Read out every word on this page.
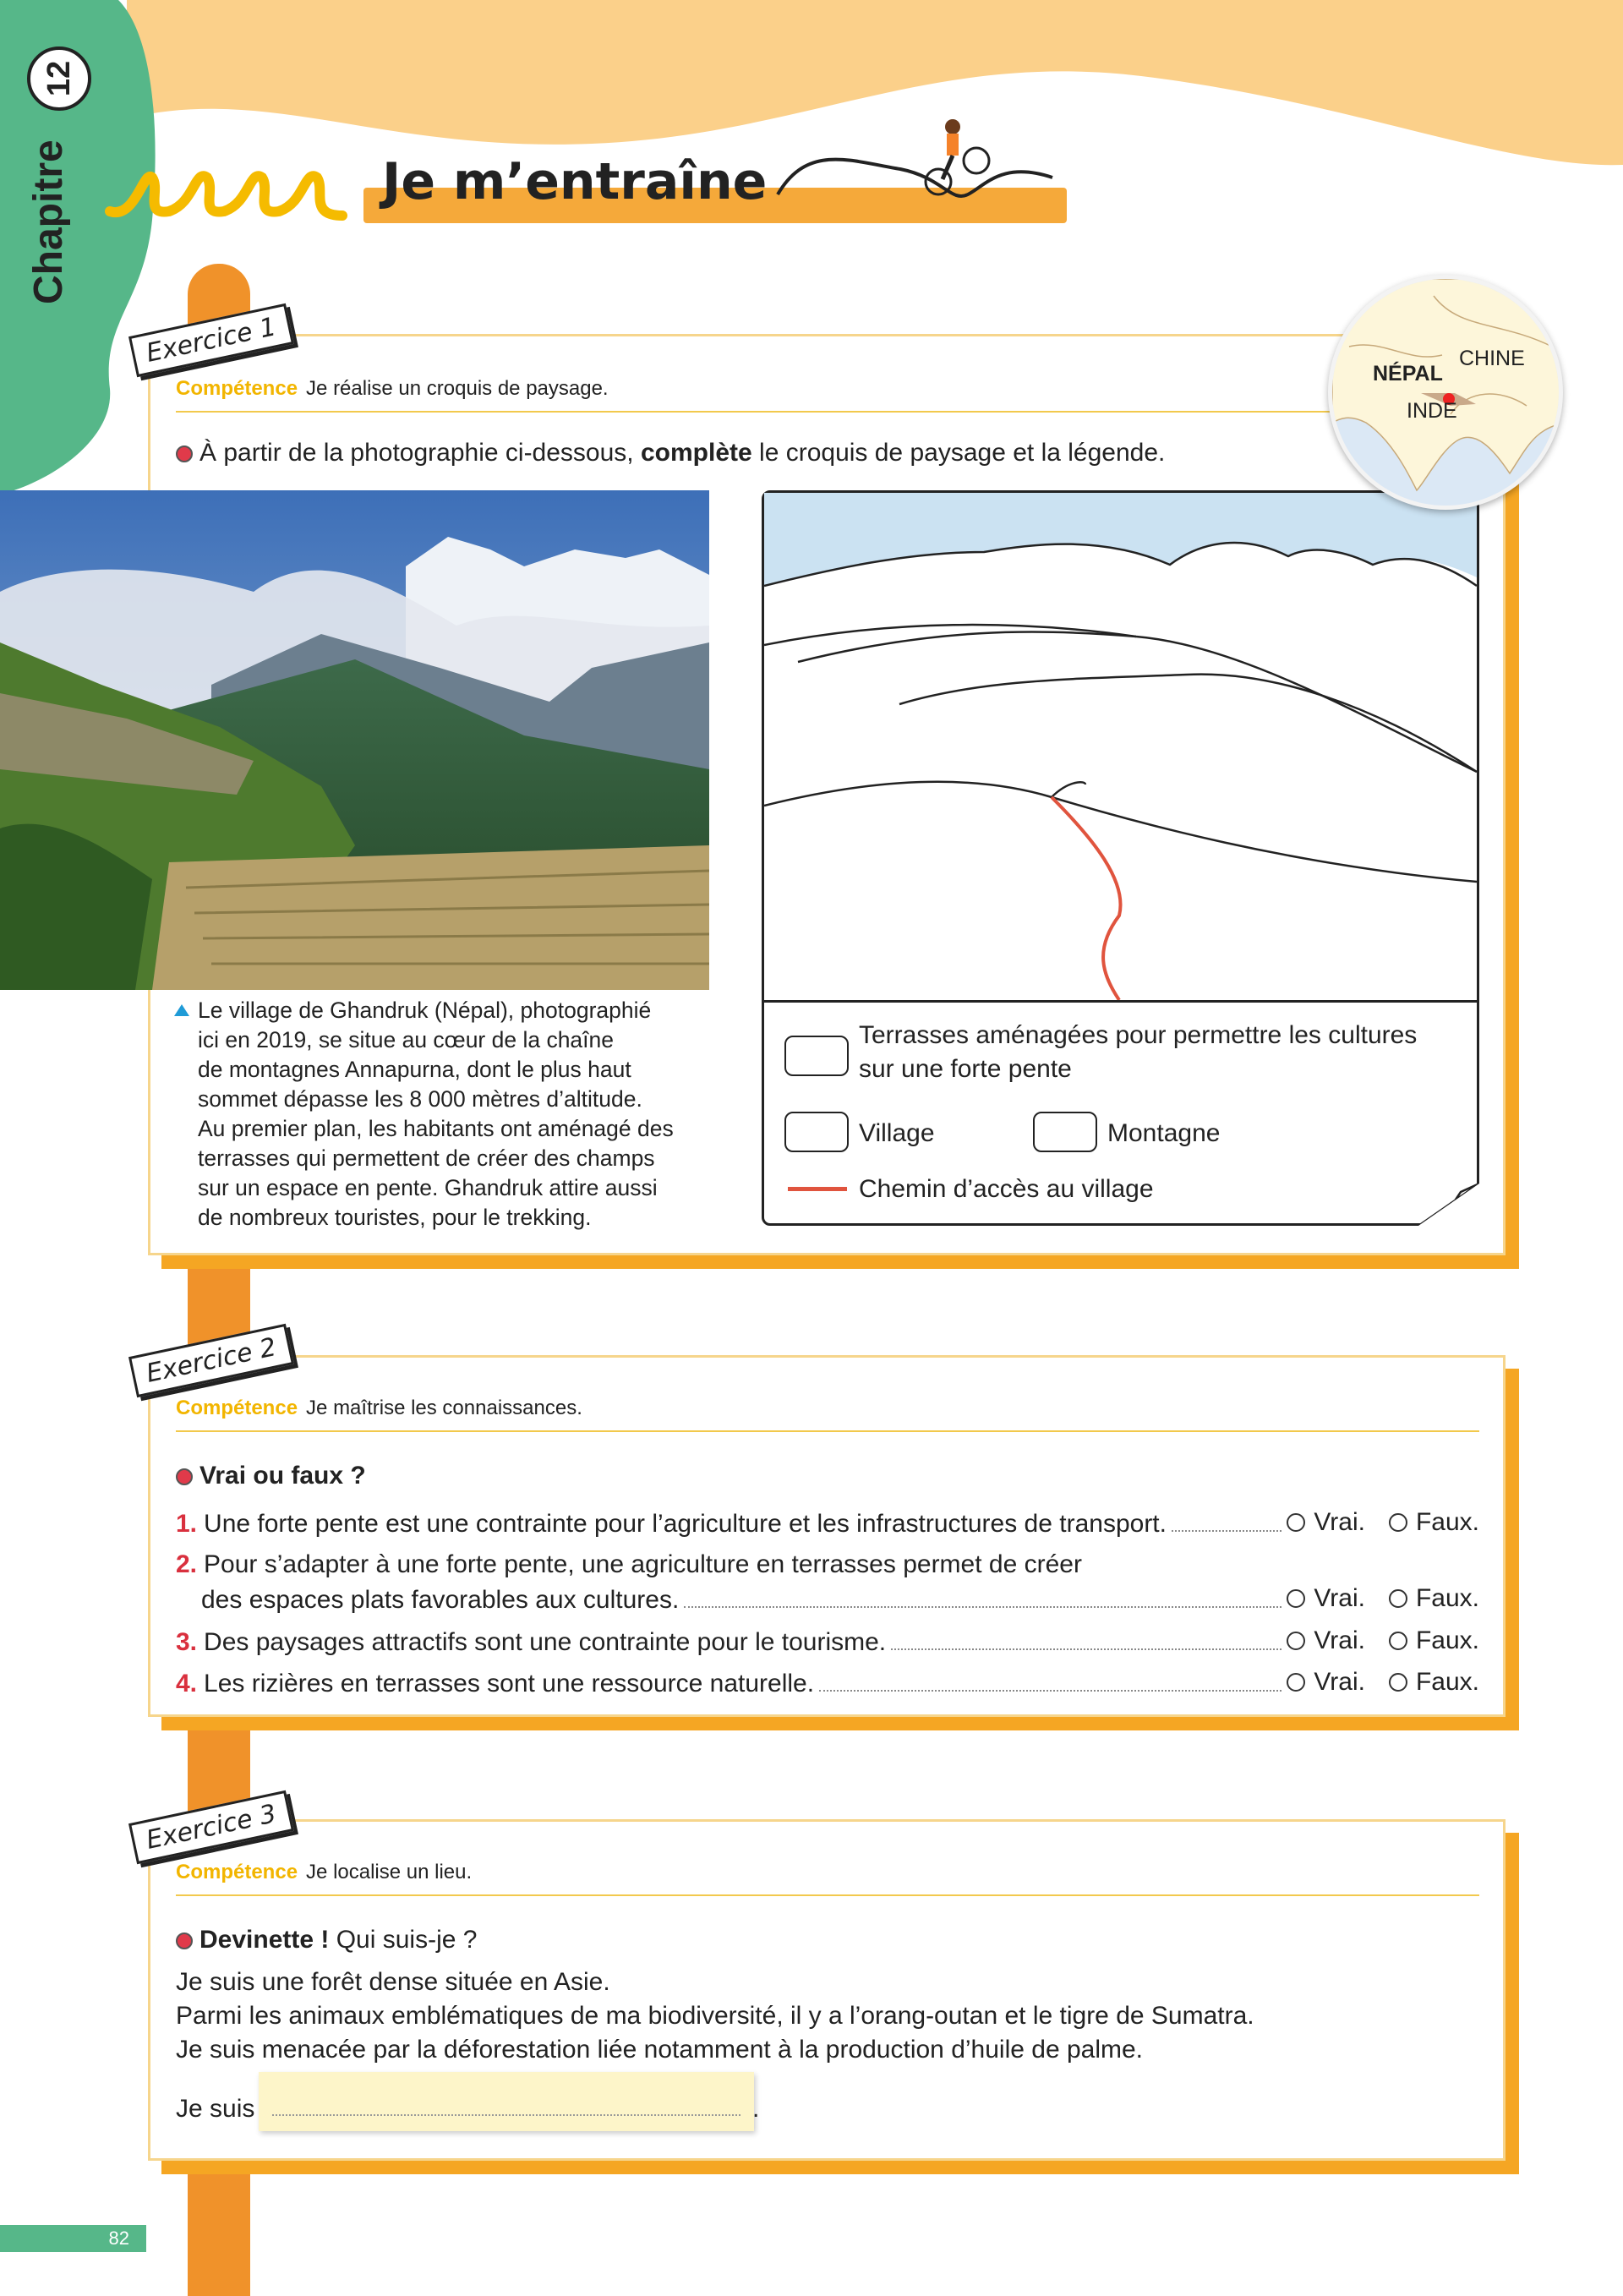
Chapitre
12
Je m’entraîne
Compétence Je réalise un croquis de paysage.
À partir de la photographie ci-dessous, complète le croquis de paysage et la légende.
Le village de Ghandruk (Népal), photographié
ici en 2019, se situe au cœur de la chaîne
de montagnes Annapurna, dont le plus haut
sommet dépasse les 8 000 mètres d’altitude.
Au premier plan, les habitants ont aménagé des
terrasses qui permettent de créer des champs
sur un espace en pente. Ghandruk attire aussi
de nombreux touristes, pour le trekking.
Terrasses aménagées pour permettre les cultures
sur une forte pente
Village	Montagne
Chemin d’accès au village
NÉPAL
CHINE
INDE
Exercice 1
Compétence Je maîtrise les connaissances.
Vrai ou faux ?
1. Une forte pente est une contrainte pour l’agriculture et les infrastructures de transport.	Vrai. Faux.
2. Pour s’adapter à une forte pente, une agriculture en terrasses permet de créer
des espaces plats favorables aux cultures.	Vrai. Faux.
3. Des paysages attractifs sont une contrainte pour le tourisme.	Vrai. Faux.
4. Les rizières en terrasses sont une ressource naturelle.	Vrai. Faux.
Exercice 2
Compétence Je localise un lieu.
Devinette ! Qui suis-je ?
Je suis une forêt dense située en Asie.
Parmi les animaux emblématiques de ma biodiversité, il y a l’orang-outan et le tigre de Sumatra.
Je suis menacée par la déforestation liée notamment à la production d’huile de palme.
Je suis	.
Exercice 3
82
